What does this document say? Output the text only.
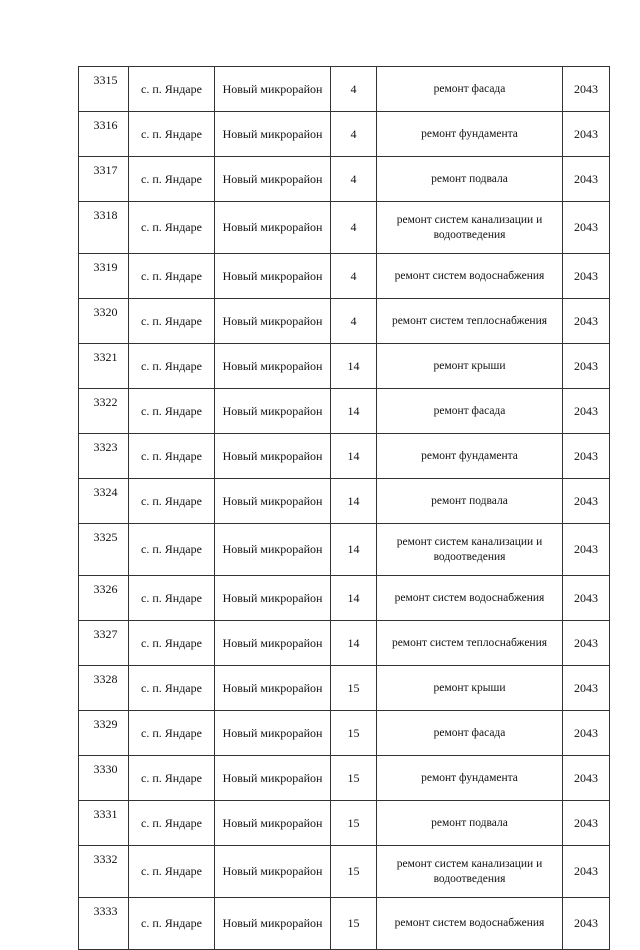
3315	с. п. Яндаре	Новый микрорайон	4	ремонт фасада	2043
3316	с. п. Яндаре	Новый микрорайон	4	ремонт фундамента	2043
3317	с. п. Яндаре	Новый микрорайон	4	ремонт подвала	2043
3318	с. п. Яндаре	Новый микрорайон	4	ремонт систем канализации и водоотведения	2043
3319	с. п. Яндаре	Новый микрорайон	4	ремонт систем водоснабжения	2043
3320	с. п. Яндаре	Новый микрорайон	4	ремонт систем теплоснабжения	2043
3321	с. п. Яндаре	Новый микрорайон	14	ремонт крыши	2043
3322	с. п. Яндаре	Новый микрорайон	14	ремонт фасада	2043
3323	с. п. Яндаре	Новый микрорайон	14	ремонт фундамента	2043
3324	с. п. Яндаре	Новый микрорайон	14	ремонт подвала	2043
3325	с. п. Яндаре	Новый микрорайон	14	ремонт систем канализации и водоотведения	2043
3326	с. п. Яндаре	Новый микрорайон	14	ремонт систем водоснабжения	2043
3327	с. п. Яндаре	Новый микрорайон	14	ремонт систем теплоснабжения	2043
3328	с. п. Яндаре	Новый микрорайон	15	ремонт крыши	2043
3329	с. п. Яндаре	Новый микрорайон	15	ремонт фасада	2043
3330	с. п. Яндаре	Новый микрорайон	15	ремонт фундамента	2043
3331	с. п. Яндаре	Новый микрорайон	15	ремонт подвала	2043
3332	с. п. Яндаре	Новый микрорайон	15	ремонт систем канализации и водоотведения	2043
3333	с. п. Яндаре	Новый микрорайон	15	ремонт систем водоснабжения	2043
